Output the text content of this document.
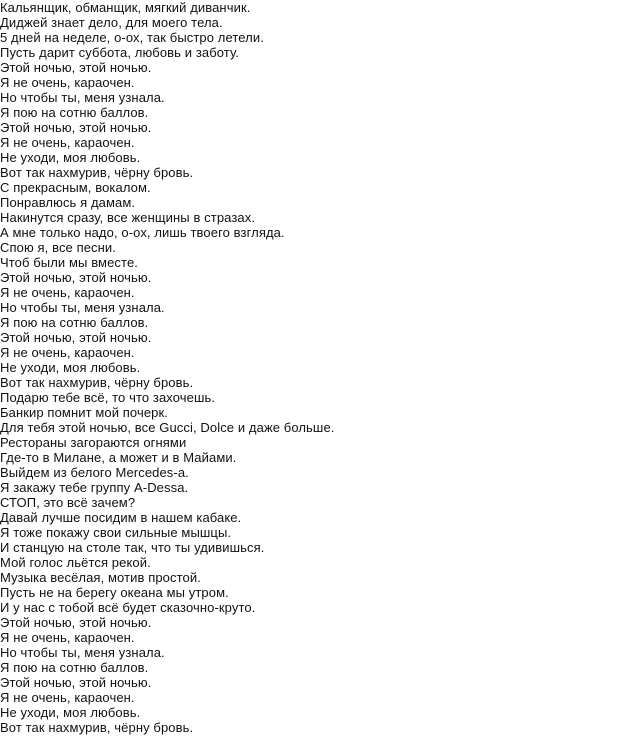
Кальянщик, обманщик, мягкий диванчик.
Диджей знает дело, для моего тела.
5 дней на неделе, о-ох, так быстро летели.
Пусть дарит суббота, любовь и заботу.
Этой ночью, этой ночью.
Я не очень, караочен.
Но чтобы ты, меня узнала.
Я пою на сотню баллов.
Этой ночью, этой ночью.
Я не очень, караочен.
Не уходи, моя любовь.
Вот так нахмурив, чёрну бровь.
С прекрасным, вокалом.
Понравлюсь я дамам.
Накинутся сразу, все женщины в стразах.
А мне только надо, о-ох, лишь твоего взгляда.
Спою я, все песни.
Чтоб были мы вместе.
Этой ночью, этой ночью.
Я не очень, караочен.
Но чтобы ты, меня узнала.
Я пою на сотню баллов.
Этой ночью, этой ночью.
Я не очень, караочен.
Не уходи, моя любовь.
Вот так нахмурив, чёрну бровь.
Подарю тебе всё, то что захочешь.
Банкир помнит мой почерк.
Для тебя этой ночью, все Gucci, Dolce и даже больше.
Рестораны загораются огнями
Где-то в Милане, а может и в Майами.
Выйдем из белого Mercedes-а.
Я закажу тебе группу A-Dessa.
СТОП, это всё зачем?
Давай лучше посидим в нашем кабаке.
Я тоже покажу свои сильные мышцы.
И станцую на столе так, что ты удивишься.
Мой голос льётся рекой.
Музыка весёлая, мотив простой.
Пусть не на берегу океана мы утром.
И у нас с тобой всё будет сказочно-круто.
Этой ночью, этой ночью.
Я не очень, караочен.
Но чтобы ты, меня узнала.
Я пою на сотню баллов.
Этой ночью, этой ночью.
Я не очень, караочен.
Не уходи, моя любовь.
Вот так нахмурив, чёрну бровь.
